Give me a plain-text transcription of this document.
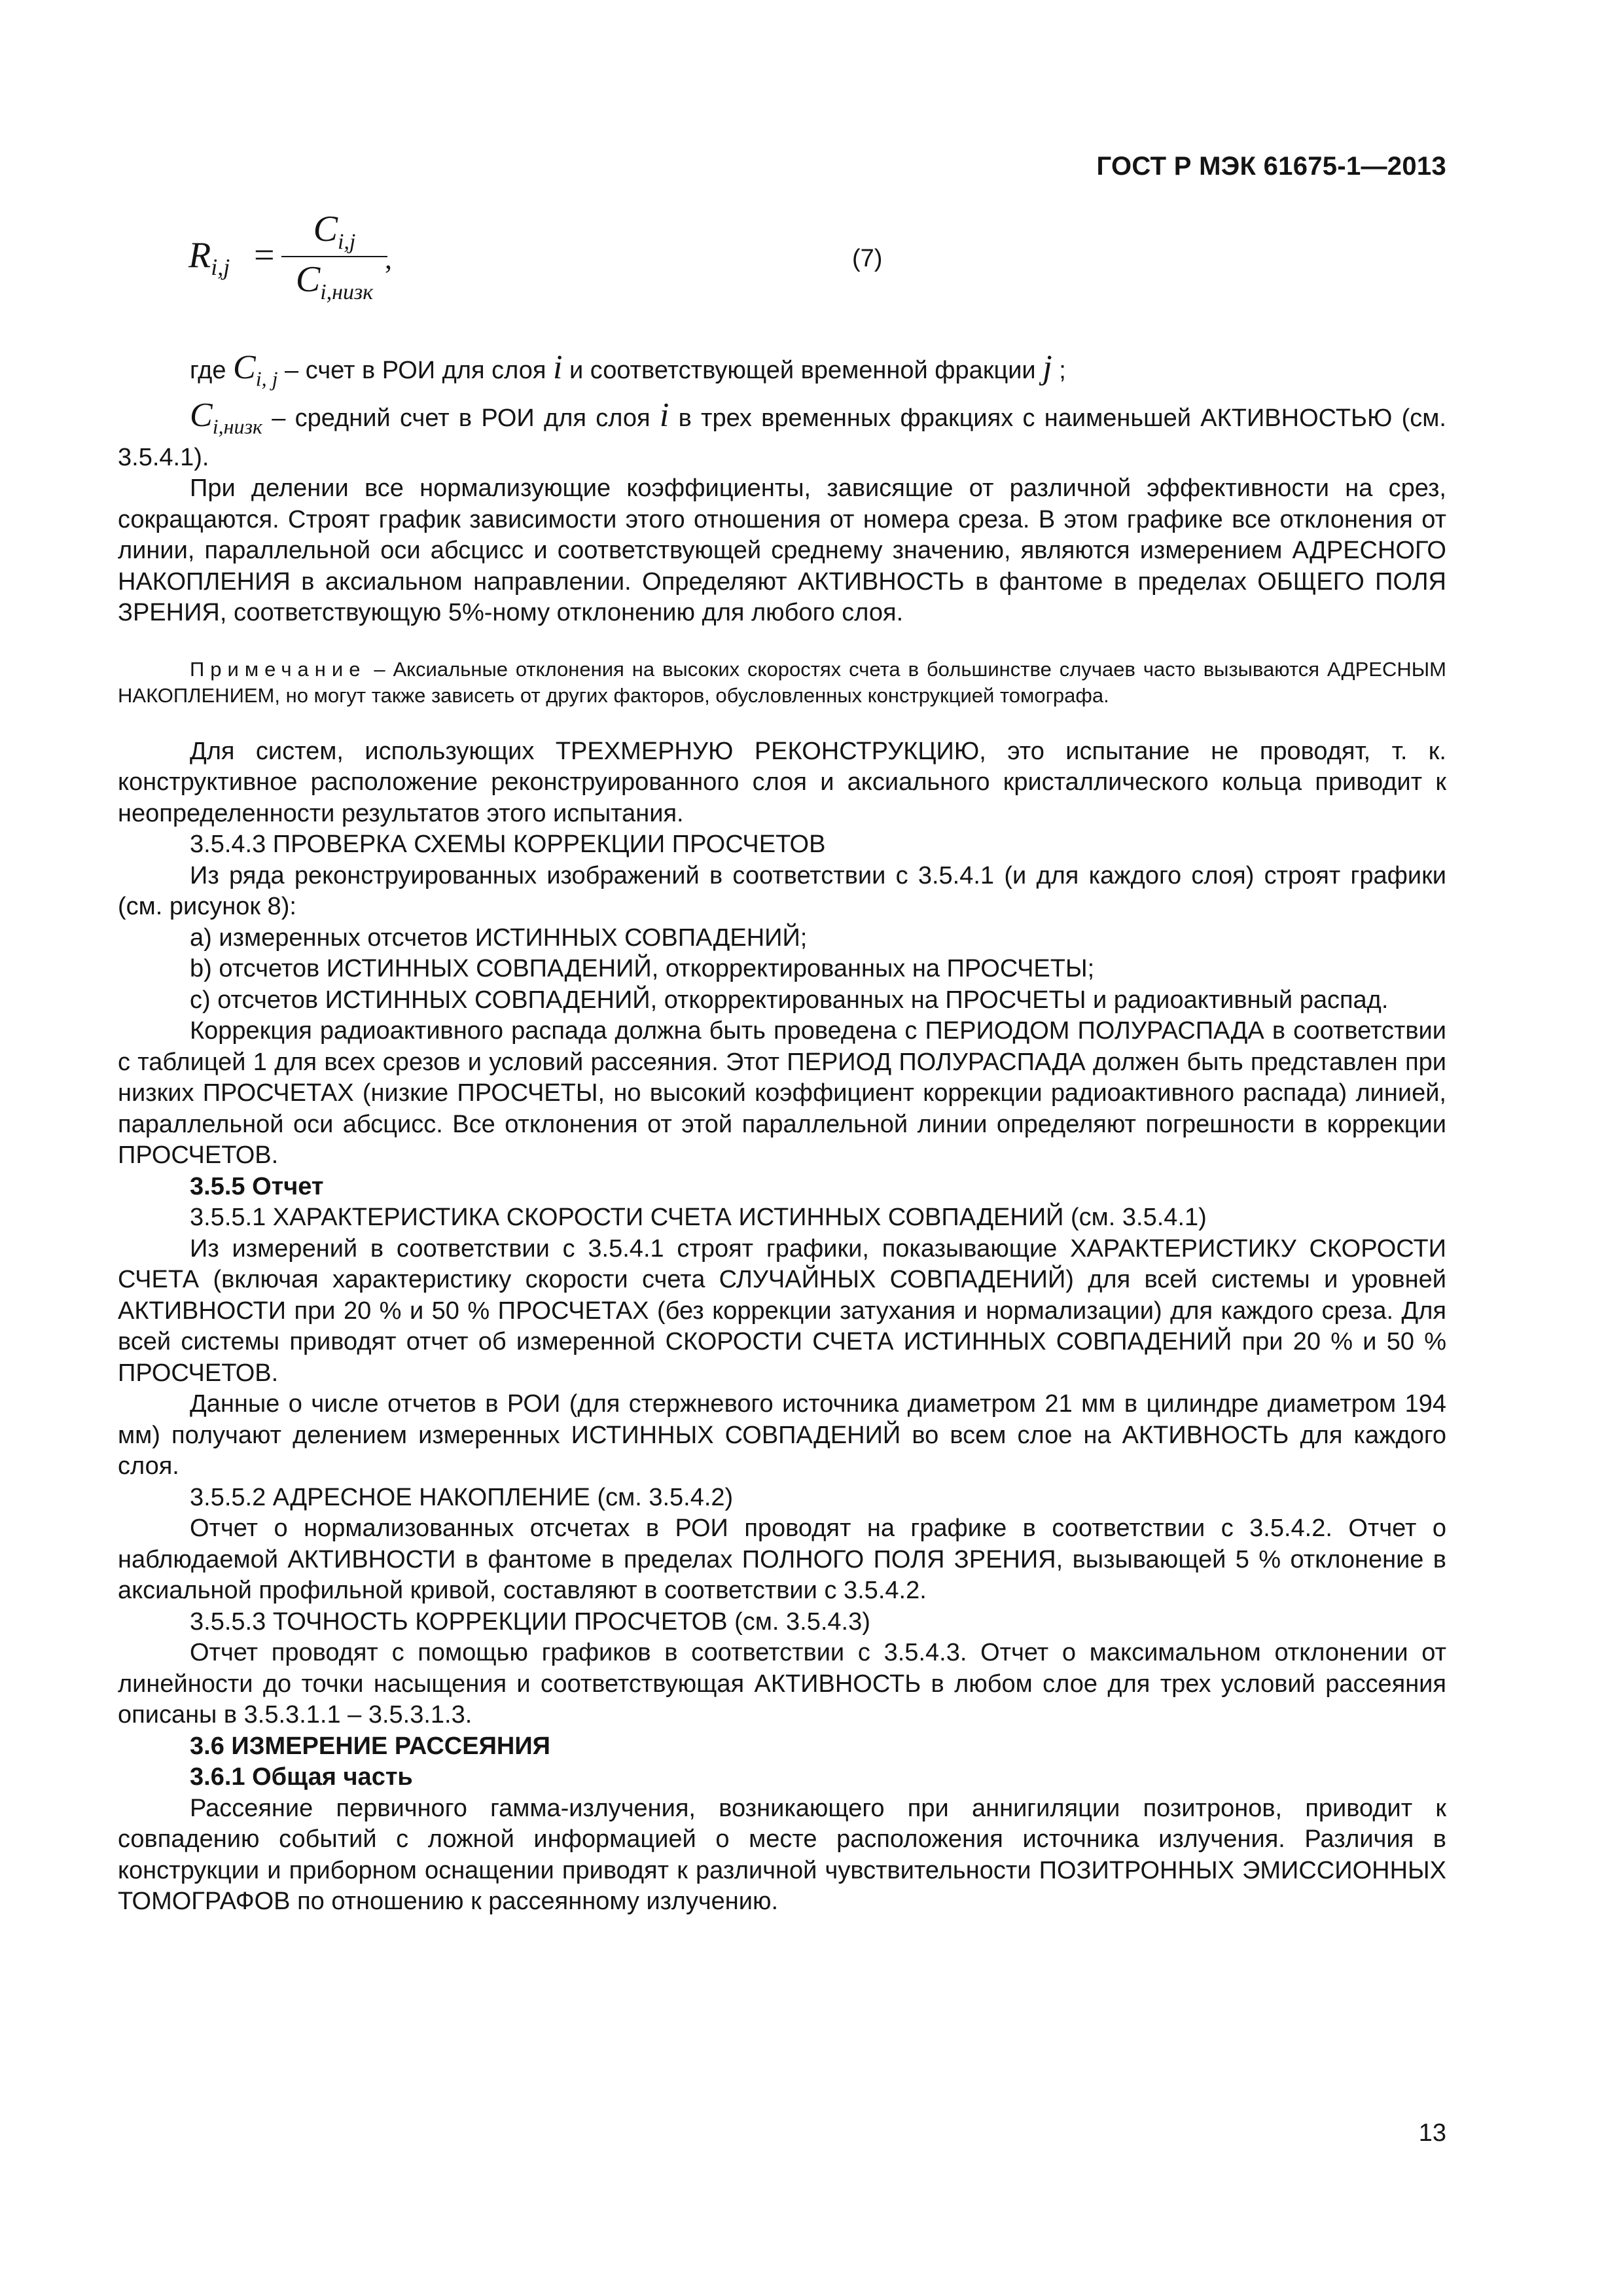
ГОСТ Р МЭК 61675-1—2013
$R_{i,j}$ =
$C_{i,j}$
$C_{i,низк}$
,	(7)

где $C_{i, j}$ – счет в РОИ для слоя i и соответствующей временной фракции j ;

$C_{i,низк}$ – средний счет в РОИ для слоя i в трех временных фракциях с наименьшей АКТИВНОСТЬЮ (см. 3.5.4.1).

При делении все нормализующие коэффициенты, зависящие от различной эффективности на срез, сокращаются. Строят график зависимости этого отношения от номера среза. В этом графике все отклонения от линии, параллельной оси абсцисс и соответствующей среднему значению, являются измерением АДРЕСНОГО НАКОПЛЕНИЯ в аксиальном направлении. Определяют АКТИВНОСТЬ в фантоме в пределах ОБЩЕГО ПОЛЯ ЗРЕНИЯ, соответствующую 5%-ному отклонению для любого слоя.

Примечание – Аксиальные отклонения на высоких скоростях счета в большинстве случаев часто вызываются АДРЕСНЫМ НАКОПЛЕНИЕМ, но могут также зависеть от других факторов, обусловленных конструкцией томографа.

Для систем, использующих ТРЕХМЕРНУЮ РЕКОНСТРУКЦИЮ, это испытание не проводят, т. к. конструктивное расположение реконструированного слоя и аксиального кристаллического кольца приводит к неопределенности результатов этого испытания.

3.5.4.3 ПРОВЕРКА СХЕМЫ КОРРЕКЦИИ ПРОСЧЕТОВ

Из ряда реконструированных изображений в соответствии с 3.5.4.1 (и для каждого слоя) строят графики (см. рисунок 8):

a) измеренных отсчетов ИСТИННЫХ СОВПАДЕНИЙ;

b) отсчетов ИСТИННЫХ СОВПАДЕНИЙ, откорректированных на ПРОСЧЕТЫ;

c) отсчетов ИСТИННЫХ СОВПАДЕНИЙ, откорректированных на ПРОСЧЕТЫ и радиоактивный распад.

Коррекция радиоактивного распада должна быть проведена с ПЕРИОДОМ ПОЛУРАСПАДА в соответствии с таблицей 1 для всех срезов и условий рассеяния. Этот ПЕРИОД ПОЛУРАСПАДА должен быть представлен при низких ПРОСЧЕТАХ (низкие ПРОСЧЕТЫ, но высокий коэффициент коррекции радиоактивного распада) линией, параллельной оси абсцисс. Все отклонения от этой параллельной линии определяют погрешности в коррекции ПРОСЧЕТОВ.

3.5.5 Отчет

3.5.5.1 ХАРАКТЕРИСТИКА СКОРОСТИ СЧЕТА ИСТИННЫХ СОВПАДЕНИЙ (см. 3.5.4.1)

Из измерений в соответствии с 3.5.4.1 строят графики, показывающие ХАРАКТЕРИСТИКУ СКОРОСТИ СЧЕТА (включая характеристику скорости счета СЛУЧАЙНЫХ СОВПАДЕНИЙ) для всей системы и уровней АКТИВНОСТИ при 20 % и 50 % ПРОСЧЕТАХ (без коррекции затухания и нормализации) для каждого среза. Для всей системы приводят отчет об измеренной СКОРОСТИ СЧЕТА ИСТИННЫХ СОВПАДЕНИЙ при 20 % и 50 % ПРОСЧЕТОВ.

Данные о числе отчетов в РОИ (для стержневого источника диаметром 21 мм в цилиндре диаметром 194 мм) получают делением измеренных ИСТИННЫХ СОВПАДЕНИЙ во всем слое на АКТИВНОСТЬ для каждого слоя.

3.5.5.2 АДРЕСНОЕ НАКОПЛЕНИЕ (см. 3.5.4.2)

Отчет о нормализованных отсчетах в РОИ проводят на графике в соответствии с 3.5.4.2. Отчет о наблюдаемой АКТИВНОСТИ в фантоме в пределах ПОЛНОГО ПОЛЯ ЗРЕНИЯ, вызывающей 5 % отклонение в аксиальной профильной кривой, составляют в соответствии с 3.5.4.2.

3.5.5.3 ТОЧНОСТЬ КОРРЕКЦИИ ПРОСЧЕТОВ (см. 3.5.4.3)

Отчет проводят с помощью графиков в соответствии с 3.5.4.3. Отчет о максимальном отклонении от линейности до точки насыщения и соответствующая АКТИВНОСТЬ в любом слое для трех условий рассеяния описаны в 3.5.3.1.1 – 3.5.3.1.3.

3.6 ИЗМЕРЕНИЕ РАССЕЯНИЯ

3.6.1 Общая часть

Рассеяние первичного гамма-излучения, возникающего при аннигиляции позитронов, приводит к совпадению событий с ложной информацией о месте расположения источника излучения. Различия в конструкции и приборном оснащении приводят к различной чувствительности ПОЗИТРОННЫХ ЭМИССИОННЫХ ТОМОГРАФОВ по отношению к рассеянному излучению.

13
